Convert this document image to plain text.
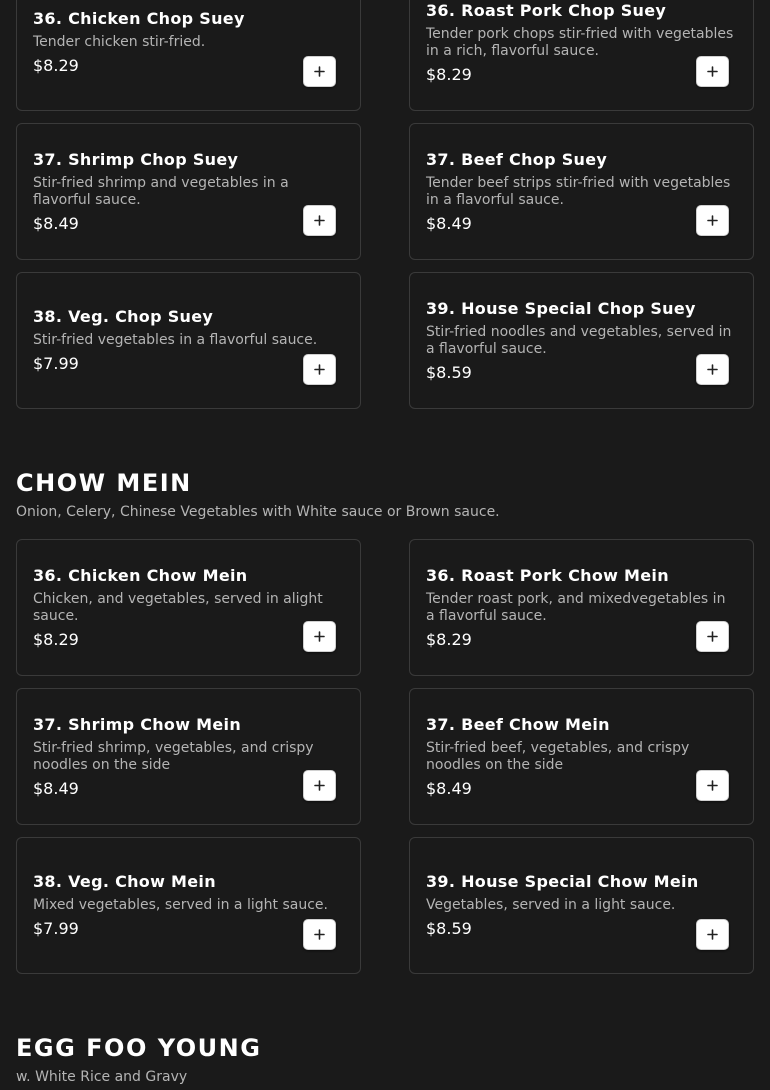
36. Chicken Chop Suey
Tender chicken stir-fried.
$8.29
36. Roast Pork Chop Suey
Tender pork chops stir-fried with vegetables in a rich, flavorful sauce.
$8.29
37. Shrimp Chop Suey
Stir-fried shrimp and vegetables in a flavorful sauce.
$8.49
37. Beef Chop Suey
Tender beef strips stir-fried with vegetables in a flavorful sauce.
$8.49
38. Veg. Chop Suey
Stir-fried vegetables in a flavorful sauce.
$7.99
39. House Special Chop Suey
Stir-fried noodles and vegetables, served in a flavorful sauce.
$8.59
CHOW MEIN
Onion, Celery, Chinese Vegetables with White sauce or Brown sauce.
36. Chicken Chow Mein
Chicken, and vegetables, served in alight sauce.
$8.29
36. Roast Pork Chow Mein
Tender roast pork, and mixedvegetables in a flavorful sauce.
$8.29
37. Shrimp Chow Mein
Stir-fried shrimp, vegetables, and crispy noodles on the side
$8.49
37. Beef Chow Mein
Stir-fried beef, vegetables, and crispy noodles on the side
$8.49
38. Veg. Chow Mein
Mixed vegetables, served in a light sauce.
$7.99
39. House Special Chow Mein
Vegetables, served in a light sauce.
$8.59
EGG FOO YOUNG
w. White Rice and Gravy
